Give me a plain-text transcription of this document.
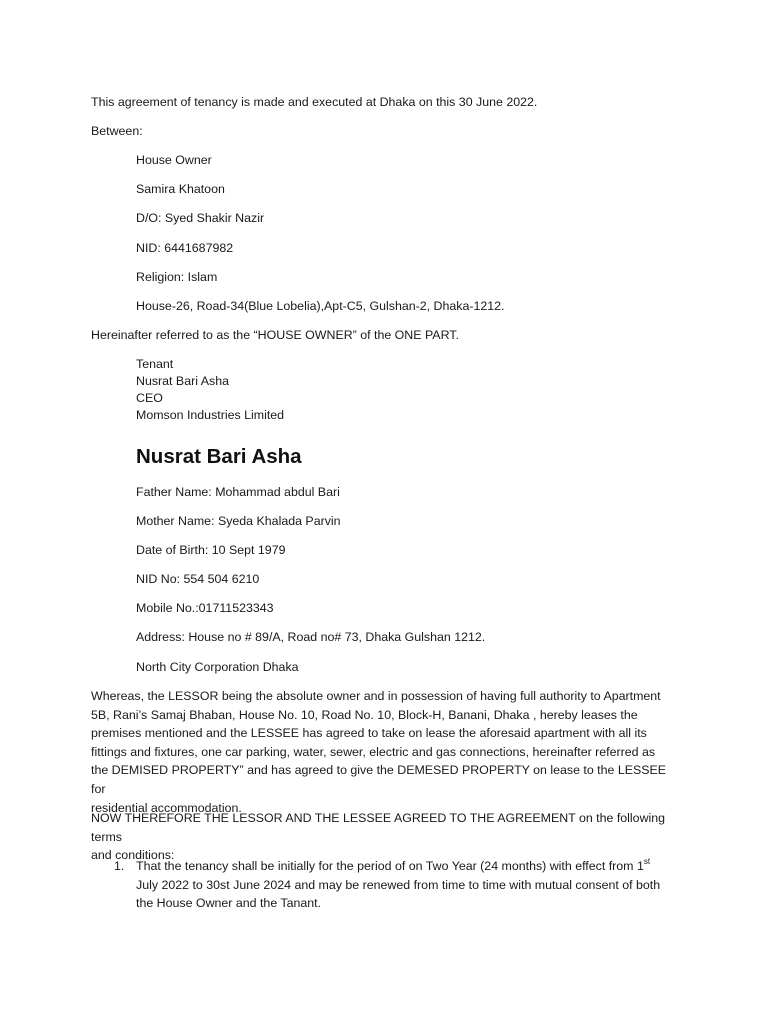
This agreement of tenancy is made and executed at Dhaka on this 30 June 2022.
Between:
House Owner
Samira Khatoon
D/O: Syed Shakir Nazir
NID: 6441687982
Religion: Islam
House-26, Road-34(Blue Lobelia),Apt-C5, Gulshan-2, Dhaka-1212.
Hereinafter referred to as the “HOUSE OWNER” of the ONE PART.
Tenant
Nusrat Bari Asha
CEO
Momson Industries Limited
Nusrat Bari Asha
Father Name: Mohammad abdul Bari
Mother Name: Syeda Khalada Parvin
Date of Birth: 10 Sept 1979
NID No: 554 504 6210
Mobile No.:01711523343
Address: House no # 89/A, Road no# 73, Dhaka Gulshan 1212.
North City Corporation Dhaka
Whereas, the LESSOR being the absolute owner and in possession of having full authority to Apartment
5B, Rani’s Samaj Bhaban, House No. 10, Road No. 10, Block-H, Banani, Dhaka , hereby leases the
premises mentioned and the LESSEE has agreed to take on lease the aforesaid apartment with all its
fittings and fixtures, one car parking, water, sewer, electric and gas connections, hereinafter referred as
the DEMISED PROPERTY” and has agreed to give the DEMESED PROPERTY on lease to the LESSEE for
residential accommodation.
NOW THEREFORE THE LESSOR AND THE LESSEE AGREED TO THE AGREEMENT on the following terms
and conditions:
1. That the tenancy shall be initially for the period of on Two Year (24 months) with effect from 1st
July 2022 to 30st June 2024 and may be renewed from time to time with mutual consent of both
the House Owner and the Tanant.
